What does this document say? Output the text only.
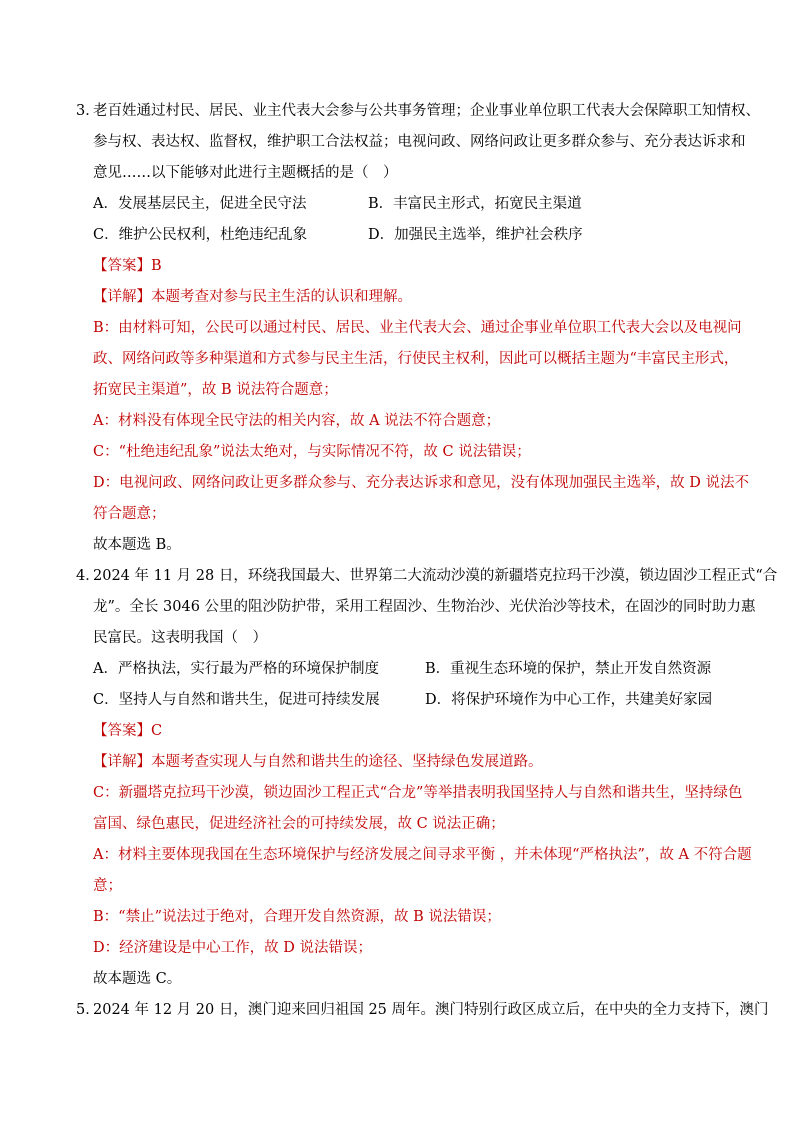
3．
老百姓通过村民、居民、业主代表大会参与公共事务管理；企业事业单位职工代表大会保障职工知情权、
参与权、表达权、监督权，维护职工合法权益；电视问政、网络问政让更多群众参与、充分表达诉求和
意见……以下能够对此进行主题概括的是（　）
A．发展基层民主，促进全民守法	B．丰富民主形式，拓宽民主渠道
C．维护公民权利，杜绝违纪乱象	D．加强民主选举，维护社会秩序
【答案】B
【详解】本题考查对参与民主生活的认识和理解。
B：由材料可知，公民可以通过村民、居民、业主代表大会、通过企事业单位职工代表大会以及电视问
政、网络问政等多种渠道和方式参与民主生活，行使民主权利，因此可以概括主题为“丰富民主形式，
拓宽民主渠道”，故 B 说法符合题意；
A：材料没有体现全民守法的相关内容，故 A 说法不符合题意；
C：“杜绝违纪乱象”说法太绝对，与实际情况不符，故 C 说法错误；
D：电视问政、网络问政让更多群众参与、充分表达诉求和意见，没有体现加强民主选举，故 D 说法不
符合题意；
故本题选 B。
4．
2024 年 11 月 28 日，环绕我国最大、世界第二大流动沙漠的新疆塔克拉玛干沙漠，锁边固沙工程正式“合
龙”。全长 3046 公里的阻沙防护带，采用工程固沙、生物治沙、光伏治沙等技术，在固沙的同时助力惠
民富民。这表明我国（　）
A．严格执法，实行最为严格的环境保护制度	B．重视生态环境的保护，禁止开发自然资源
C．坚持人与自然和谐共生，促进可持续发展	D．将保护环境作为中心工作，共建美好家园
【答案】C
【详解】本题考查实现人与自然和谐共生的途径、坚持绿色发展道路。
C：新疆塔克拉玛干沙漠，锁边固沙工程正式“合龙”等举措表明我国坚持人与自然和谐共生，坚持绿色
富国、绿色惠民，促进经济社会的可持续发展，故 C 说法正确；
A：材料主要体现我国在生态环境保护与经济发展之间寻求平衡 ，并未体现“严格执法”，故 A 不符合题
意；
B：“禁止”说法过于绝对，合理开发自然资源，故 B 说法错误；
D：经济建设是中心工作，故 D 说法错误；
故本题选 C。
5．
2024 年 12 月 20 日，澳门迎来回归祖国 25 周年。澳门特别行政区成立后，在中央的全力支持下，澳门
